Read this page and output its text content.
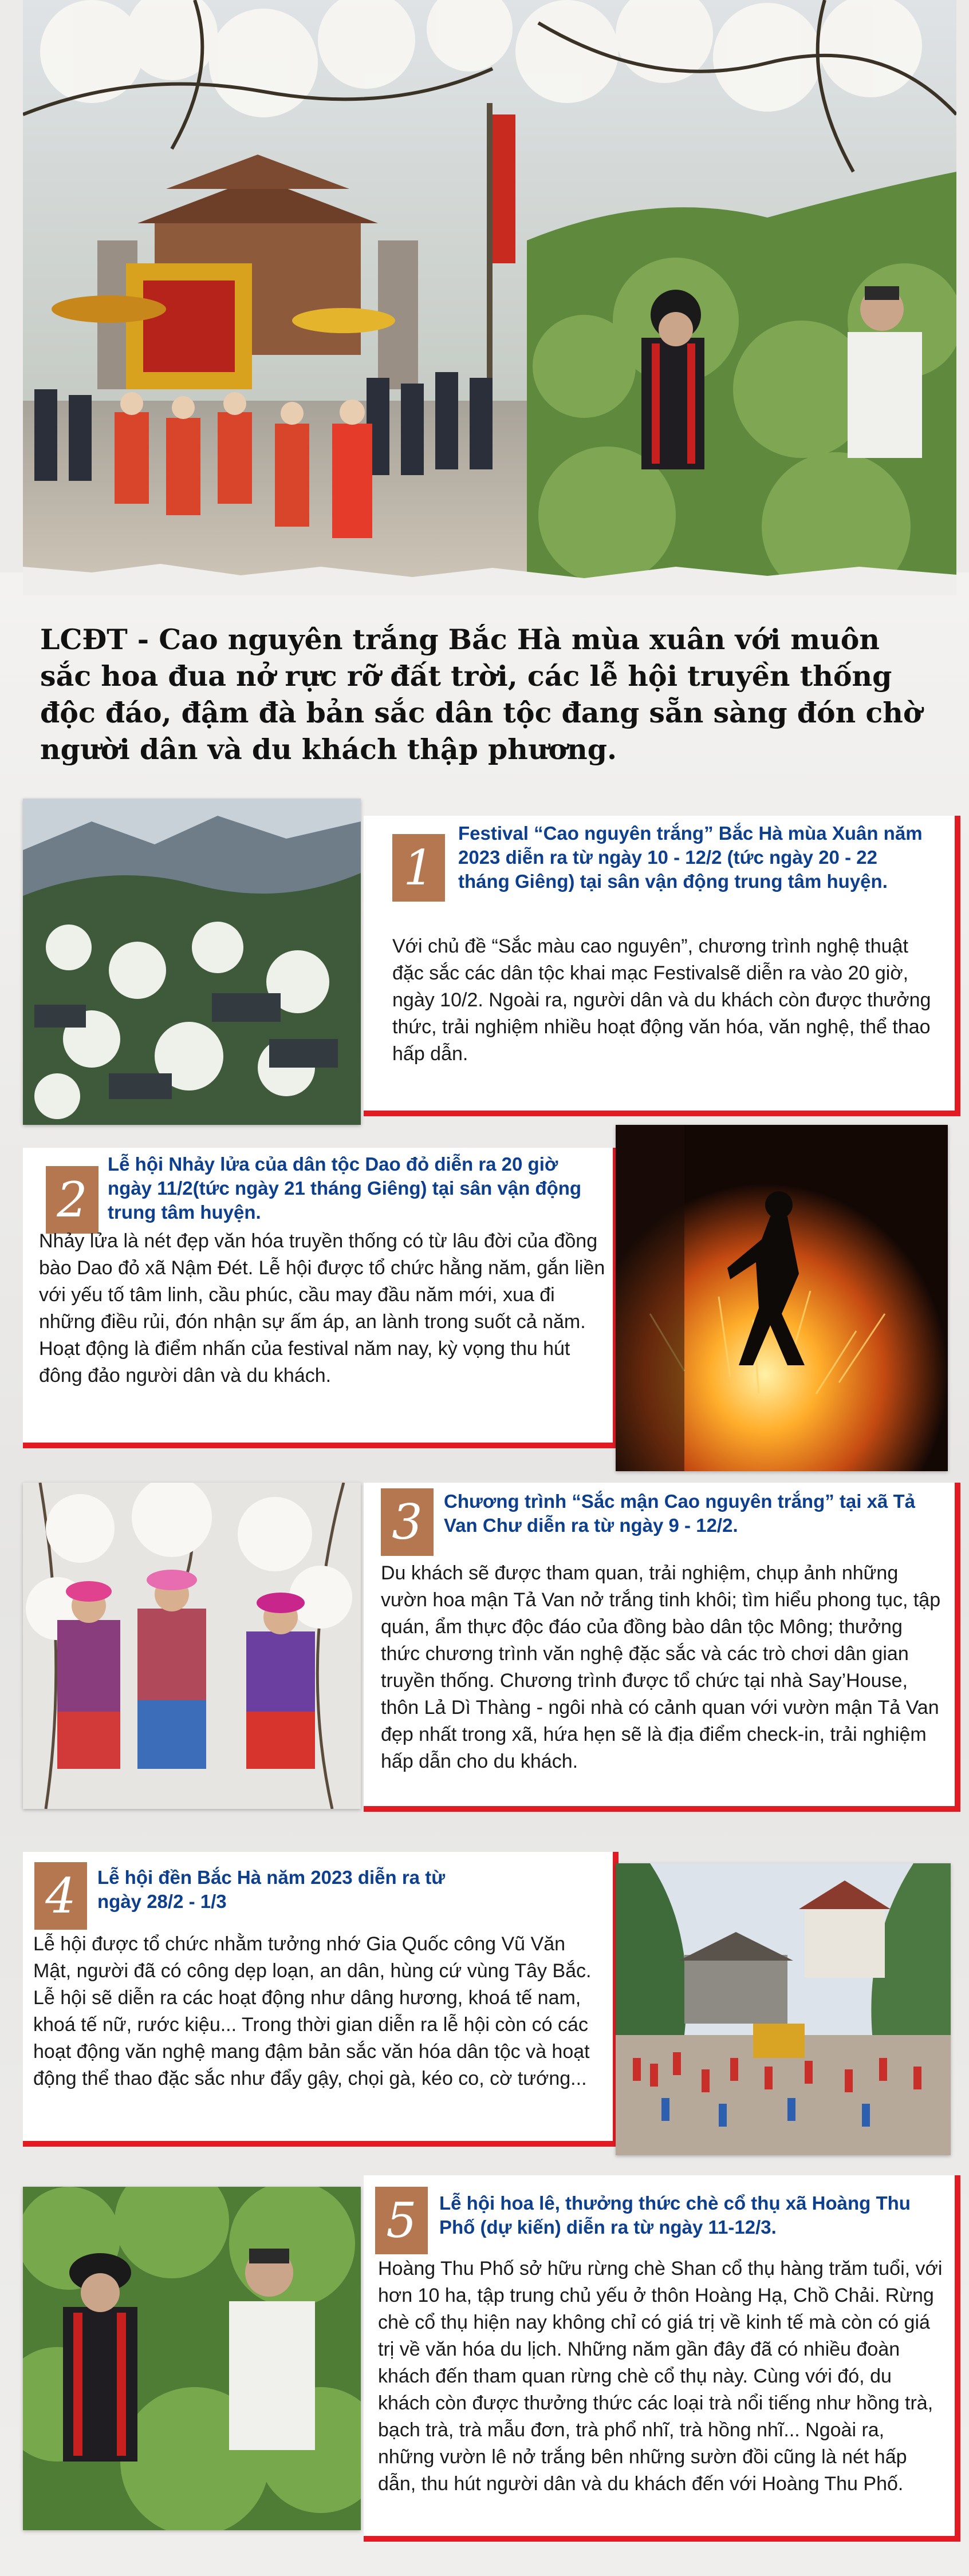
LCĐT - Cao nguyên trắng Bắc Hà mùa xuân với muôn sắc hoa đua nở rực rỡ đất trời, các lễ hội truyền thống độc đáo, đậm đà bản sắc dân tộc đang sẵn sàng đón chờ người dân và du khách thập phương.
1
Festival “Cao nguyên trắng” Bắc Hà mùa Xuân năm 2023 diễn ra từ ngày 10 - 12/2 (tức ngày 20 - 22 tháng Giêng) tại sân vận động trung tâm huyện.
Với chủ đề “Sắc màu cao nguyên”, chương trình nghệ thuật đặc sắc các dân tộc khai mạc Festivalsẽ diễn ra vào 20 giờ, ngày 10/2. Ngoài ra, người dân và du khách còn được thưởng thức, trải nghiệm nhiều hoạt động văn hóa, văn nghệ, thể thao hấp dẫn.
2
Lễ hội Nhảy lửa của dân tộc Dao đỏ diễn ra 20 giờ ngày 11/2(tức ngày 21 tháng Giêng) tại sân vận động trung tâm huyện.
Nhảy lửa là nét đẹp văn hóa truyền thống có từ lâu đời của đồng bào Dao đỏ xã Nậm Đét. Lễ hội được tổ chức hằng năm, gắn liền với yếu tố tâm linh, cầu phúc, cầu may đầu năm mới, xua đi những điều rủi, đón nhận sự ấm áp, an lành trong suốt cả năm. Hoạt động là điểm nhấn của festival năm nay, kỳ vọng thu hút đông đảo người dân và du khách.
3	Chương trình “Sắc mận Cao nguyên trắng” tại xã Tả Van Chư diễn ra từ ngày 9 - 12/2.
Du khách sẽ được tham quan, trải nghiệm, chụp ảnh những vườn hoa mận Tả Van nở trắng tinh khôi; tìm hiểu phong tục, tập quán, ẩm thực độc đáo của đồng bào dân tộc Mông; thưởng thức chương trình văn nghệ đặc sắc và các trò chơi dân gian truyền thống. Chương trình được tổ chức tại nhà Say’House, thôn Lả Dì Thàng - ngôi nhà có cảnh quan với vườn mận Tả Van đẹp nhất trong xã, hứa hẹn sẽ là địa điểm check-in, trải nghiệm hấp dẫn cho du khách.
4	Lễ hội đền Bắc Hà năm 2023 diễn ra từ ngày 28/2 - 1/3
Lễ hội được tổ chức nhằm tưởng nhớ Gia Quốc công Vũ Văn Mật, người đã có công dẹp loạn, an dân, hùng cứ vùng Tây Bắc. Lễ hội sẽ diễn ra các hoạt động như dâng hương, khoá tế nam, khoá tế nữ, rước kiệu... Trong thời gian diễn ra lễ hội còn có các hoạt động văn nghệ mang đậm bản sắc văn hóa dân tộc và hoạt động thể thao đặc sắc như đẩy gậy, chọi gà, kéo co, cờ tướng...
5	Lễ hội hoa lê, thưởng thức chè cổ thụ xã Hoàng Thu Phố (dự kiến) diễn ra từ ngày 11-12/3.
Hoàng Thu Phố sở hữu rừng chè Shan cổ thụ hàng trăm tuổi, với hơn 10 ha, tập trung chủ yếu ở thôn Hoàng Hạ, Chồ Chải. Rừng chè cổ thụ hiện nay không chỉ có giá trị về kinh tế mà còn có giá trị về văn hóa du lịch. Những năm gần đây đã có nhiều đoàn khách đến tham quan rừng chè cổ thụ này. Cùng với đó, du khách còn được thưởng thức các loại trà nổi tiếng như hồng trà, bạch trà, trà mẫu đơn, trà phổ nhĩ, trà hồng nhĩ... Ngoài ra, những vườn lê nở trắng bên những sườn đồi cũng là nét hấp dẫn, thu hút người dân và du khách đến với Hoàng Thu Phố.
